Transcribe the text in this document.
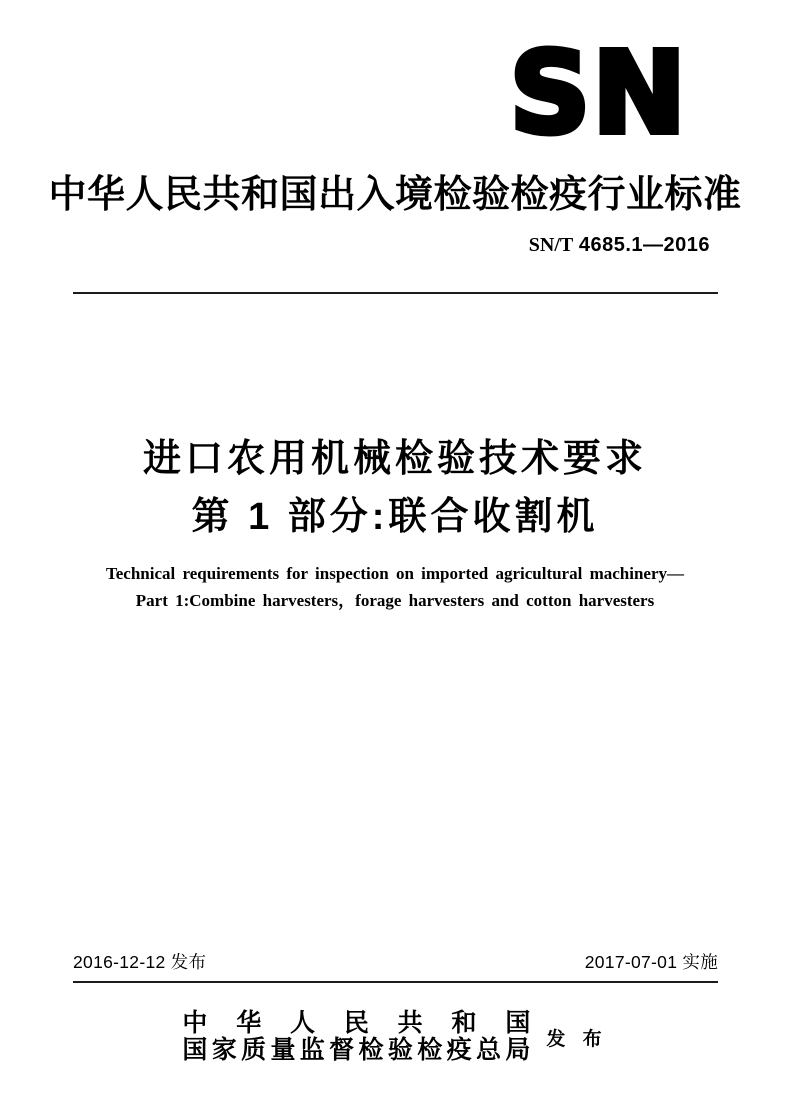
SN
中华人民共和国出入境检验检疫行业标准
SN/T 4685.1—2016
进口农用机械检验技术要求
第 1 部分:联合收割机
Technical requirements for inspection on imported agricultural machinery—
Part 1:Combine harvesters，forage harvesters and cotton harvesters
2016-12-12 发布	2017-07-01 实施
中华人民共和国
国家质量监督检验检疫总局 发 布
